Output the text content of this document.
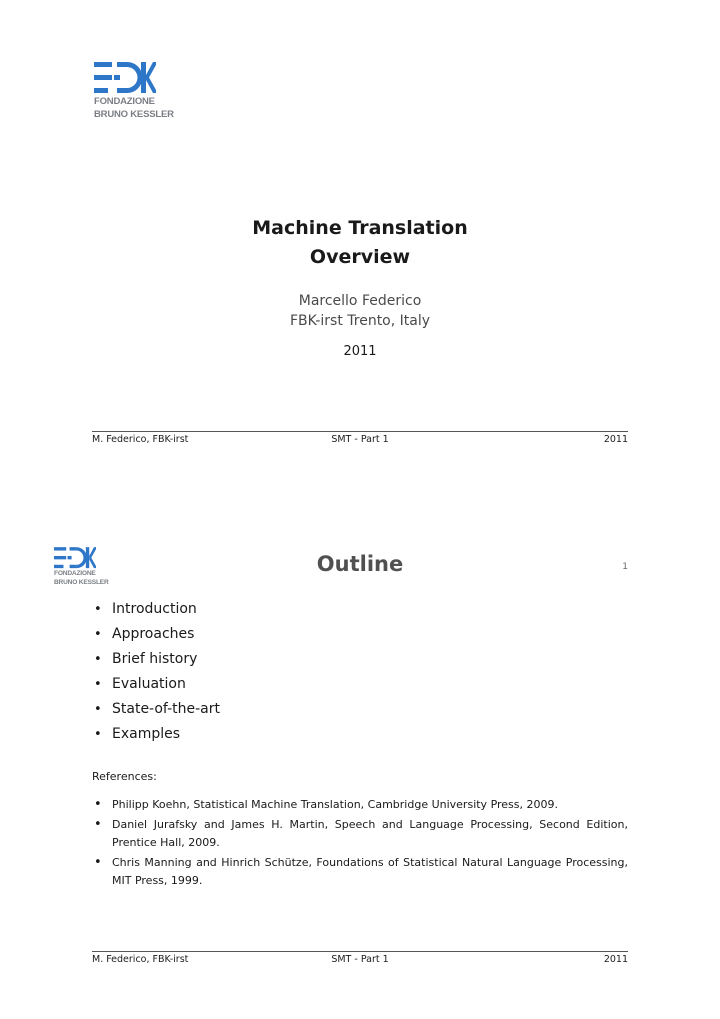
FONDAZIONE
BRUNO KESSLER
Machine Translation
Overview
Marcello Federico
FBK-irst Trento, Italy
2011
M. Federico, FBK-irst	SMT - Part 1	2011
FONDAZIONE
BRUNO KESSLER
Outline	1
• Introduction
• Approaches
• Brief history
• Evaluation
• State-of-the-art
• Examples
References:
• Philipp Koehn, Statistical Machine Translation, Cambridge University Press, 2009.
• Daniel Jurafsky and James H. Martin, Speech and Language Processing, Second Edition, Prentice Hall, 2009.
• Chris Manning and Hinrich Schütze, Foundations of Statistical Natural Language Processing, MIT Press, 1999.
M. Federico, FBK-irst	SMT - Part 1	2011
